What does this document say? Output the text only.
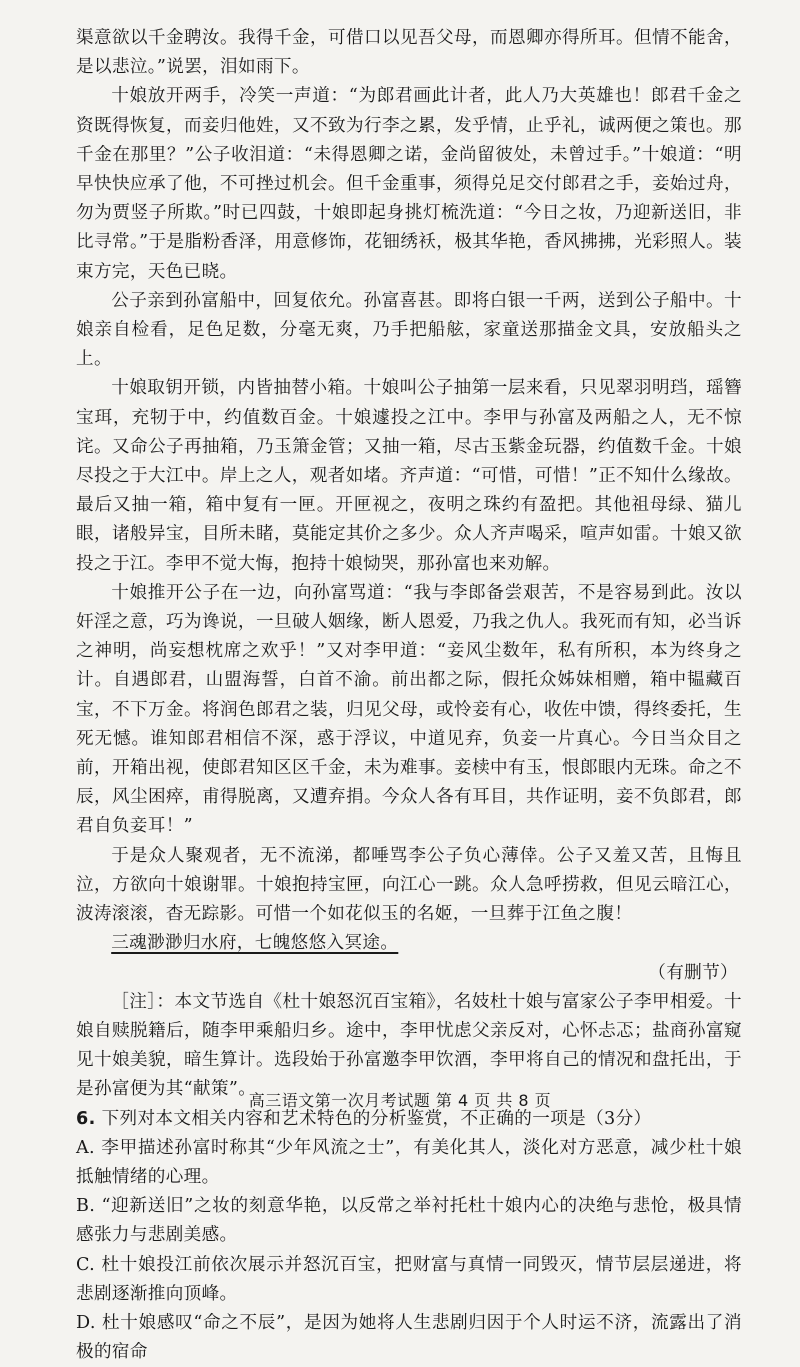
渠意欲以千金聘汝。我得千金，可借口以见吾父母，而恩卿亦得所耳。但情不能舍，是以悲泣。”说罢，泪如雨下。

十娘放开两手，冷笑一声道：“为郎君画此计者，此人乃大英雄也！郎君千金之资既得恢复，而妾归他姓，又不致为行李之累，发乎情，止乎礼，诚两便之策也。那千金在那里？”公子收泪道：“未得恩卿之诺，金尚留彼处，未曾过手。”十娘道：“明早快快应承了他，不可挫过机会。但千金重事，须得兑足交付郎君之手，妾始过舟，勿为贾竖子所欺。”时已四鼓，十娘即起身挑灯梳洗道：“今日之妆，乃迎新送旧，非比寻常。”于是脂粉香泽，用意修饰，花钿绣袄，极其华艳，香风拂拂，光彩照人。装束方完，天色已晓。

公子亲到孙富船中，回复依允。孙富喜甚。即将白银一千两，送到公子船中。十娘亲自检看，足色足数，分毫无爽，乃手把船舷，家童送那描金文具，安放船头之上。

十娘取钥开锁，内皆抽替小箱。十娘叫公子抽第一层来看，只见翠羽明珰，瑶簪宝珥，充牣于中，约值数百金。十娘遽投之江中。李甲与孙富及两船之人，无不惊诧。又命公子再抽箱，乃玉箫金管；又抽一箱，尽古玉紫金玩器，约值数千金。十娘尽投之于大江中。岸上之人，观者如堵。齐声道：“可惜，可惜！”正不知什么缘故。最后又抽一箱，箱中复有一匣。开匣视之，夜明之珠约有盈把。其他祖母绿、猫儿眼，诸般异宝，目所未睹，莫能定其价之多少。众人齐声喝采，喧声如雷。十娘又欲投之于江。李甲不觉大悔，抱持十娘恸哭，那孙富也来劝解。

十娘推开公子在一边，向孙富骂道：“我与李郎备尝艰苦，不是容易到此。汝以奸淫之意，巧为谗说，一旦破人姻缘，断人恩爱，乃我之仇人。我死而有知，必当诉之神明，尚妄想枕席之欢乎！”又对李甲道：“妾风尘数年，私有所积，本为终身之计。自遇郎君，山盟海誓，白首不渝。前出都之际，假托众姊妹相赠，箱中韫藏百宝，不下万金。将润色郎君之装，归见父母，或怜妾有心，收佐中馈，得终委托，生死无憾。谁知郎君相信不深，惑于浮议，中道见弃，负妾一片真心。今日当众目之前，开箱出视，使郎君知区区千金，未为难事。妾椟中有玉，恨郎眼内无珠。命之不辰，风尘困瘁，甫得脱离，又遭弃捐。今众人各有耳目，共作证明，妾不负郎君，郎君自负妾耳！”

于是众人聚观者，无不流涕，都唾骂李公子负心薄倖。公子又羞又苦，且悔且泣，方欲向十娘谢罪。十娘抱持宝匣，向江心一跳。众人急呼捞救，但见云暗江心，波涛滚滚，杳无踪影。可惜一个如花似玉的名姬，一旦葬于江鱼之腹！

三魂渺渺归水府，七魄悠悠入冥途。

（有删节）

［注］：本文节选自《杜十娘怒沉百宝箱》，名妓杜十娘与富家公子李甲相爱。十娘自赎脱籍后，随李甲乘船归乡。途中，李甲忧虑父亲反对，心怀忐忑；盐商孙富窥见十娘美貌，暗生算计。选段始于孙富邀李甲饮酒，李甲将自己的情况和盘托出，于是孙富便为其“献策”。

6. 下列对本文相关内容和艺术特色的分析鉴赏，不正确的一项是（3分）

A. 李甲描述孙富时称其“少年风流之士”，有美化其人，淡化对方恶意，减少杜十娘抵触情绪的心理。

B. “迎新送旧”之妆的刻意华艳，以反常之举衬托杜十娘内心的决绝与悲怆，极具情感张力与悲剧美感。

C. 杜十娘投江前依次展示并怒沉百宝，把财富与真情一同毁灭，情节层层递进，将悲剧逐渐推向顶峰。

D. 杜十娘感叹“命之不辰”，是因为她将人生悲剧归因于个人时运不济，流露出了消极的宿命

高三语文第一次月考试题 第 4 页 共 8 页
